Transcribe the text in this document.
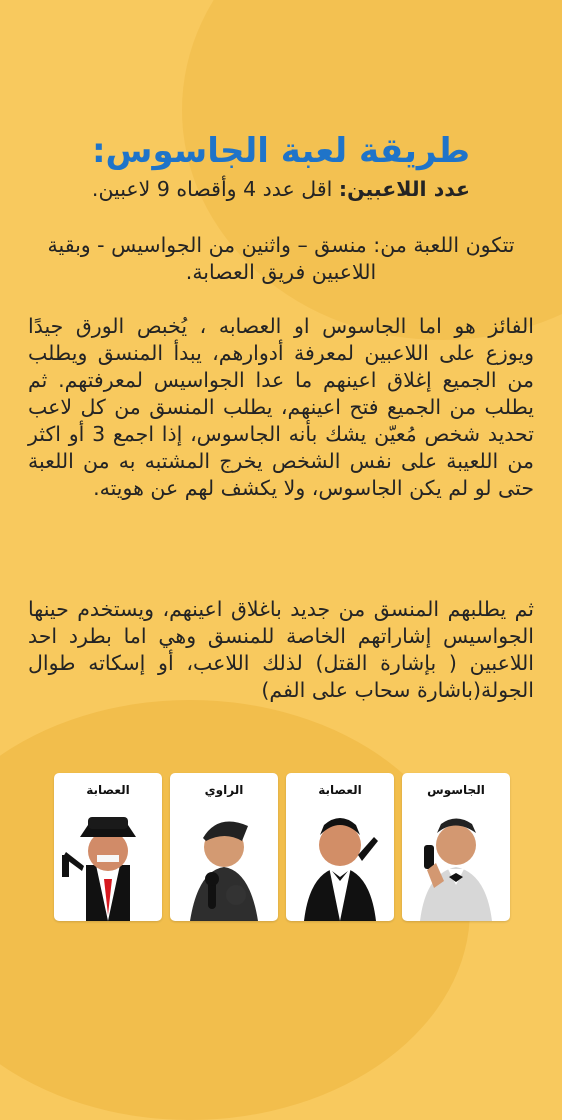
طريقة لعبة الجاسوس:

عدد اللاعبين: اقل عدد 4 وأقصاه 9 لاعبين.

تتكون اللعبة من: منسق – واثنين من الجواسيس - وبقية اللاعبين فريق العصابة.

الفائز هو اما الجاسوس او العصابه ، يُخبص الورق جيدًا ويوزع على اللاعبين لمعرفة أدوارهم، يبدأ المنسق ويطلب من الجميع إغلاق اعينهم ما عدا الجواسيس لمعرفتهم. ثم يطلب من الجميع فتح اعينهم، يطلب المنسق من كل لاعب تحديد شخص مُعيّن يشك بأنه الجاسوس، إذا اجمع 3 أو اكثر من اللعيبة على نفس الشخص يخرج المشتبه به من اللعبة حتى لو لم يكن الجاسوس، ولا يكشف لهم عن هويته.

ثم يطلبهم المنسق من جديد باغلاق اعينهم، ويستخدم حينها الجواسيس إشاراتهم الخاصة للمنسق وهي اما بطرد احد اللاعبين ( بإشارة القتل) لذلك اللاعب، أو إسكاته طوال الجولة(باشارة سحاب على الفم)

العصابة	الراوي	العصابة	الجاسوس
